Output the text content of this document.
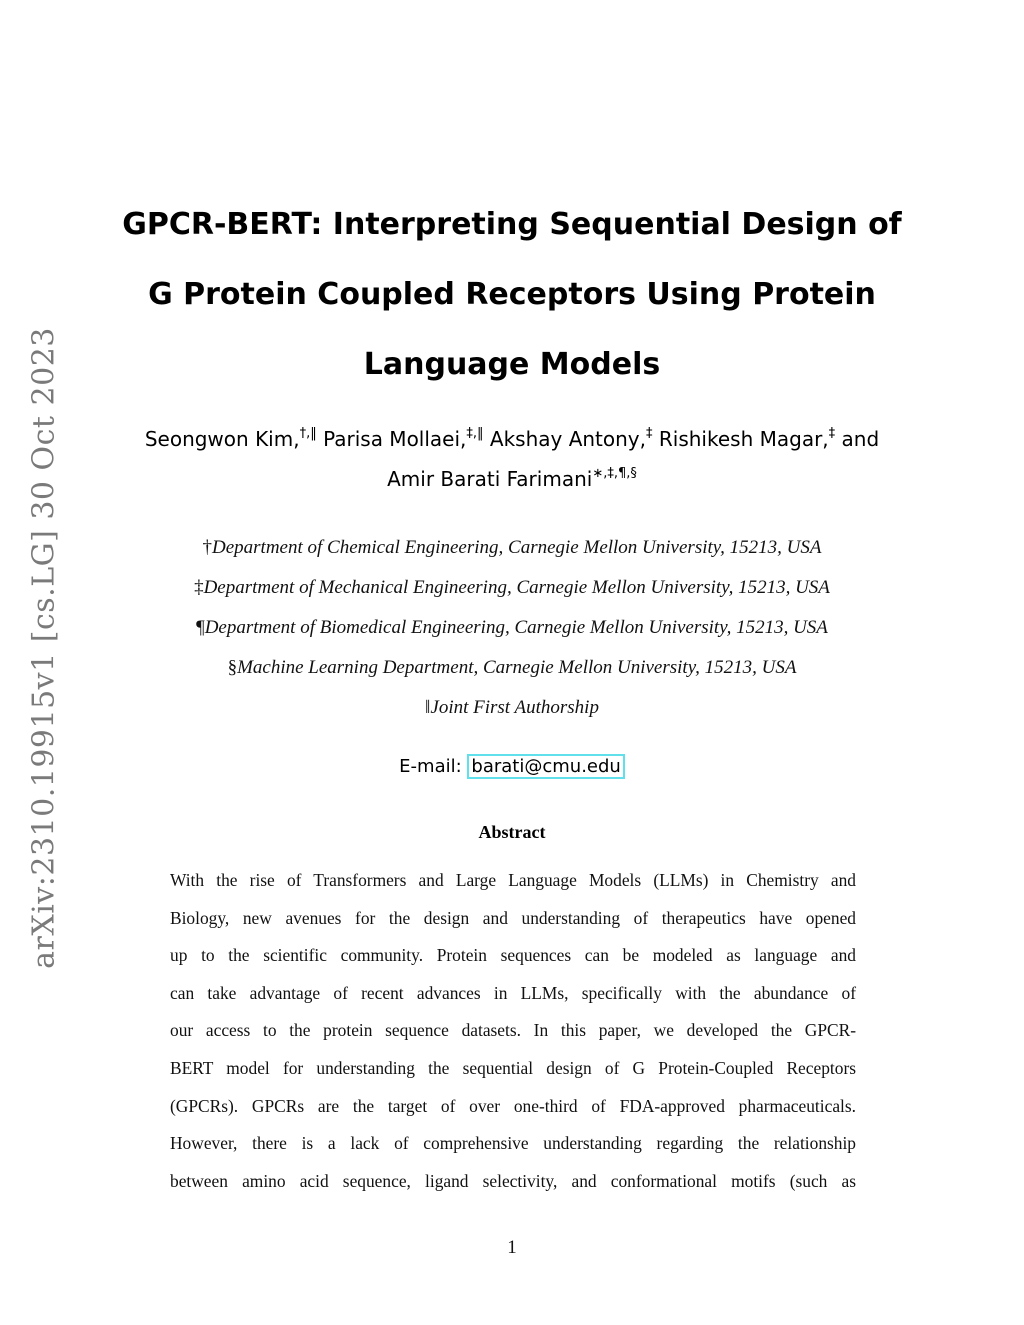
arXiv:2310.19915v1 [cs.LG] 30 Oct 2023
GPCR-BERT: Interpreting Sequential Design of G Protein Coupled Receptors Using Protein Language Models
Seongwon Kim,†,‖ Parisa Mollaei,‡,‖ Akshay Antony,‡ Rishikesh Magar,‡ and
Amir Barati Farimani∗,‡,¶,§
†Department of Chemical Engineering, Carnegie Mellon University, 15213, USA
‡Department of Mechanical Engineering, Carnegie Mellon University, 15213, USA
¶Department of Biomedical Engineering, Carnegie Mellon University, 15213, USA
§Machine Learning Department, Carnegie Mellon University, 15213, USA
‖Joint First Authorship
E-mail: barati@cmu.edu
Abstract
With the rise of Transformers and Large Language Models (LLMs) in Chemistry and
Biology, new avenues for the design and understanding of therapeutics have opened
up to the scientific community. Protein sequences can be modeled as language and
can take advantage of recent advances in LLMs, specifically with the abundance of
our access to the protein sequence datasets. In this paper, we developed the GPCR-
BERT model for understanding the sequential design of G Protein-Coupled Receptors
(GPCRs). GPCRs are the target of over one-third of FDA-approved pharmaceuticals.
However, there is a lack of comprehensive understanding regarding the relationship
between amino acid sequence, ligand selectivity, and conformational motifs (such as
1
